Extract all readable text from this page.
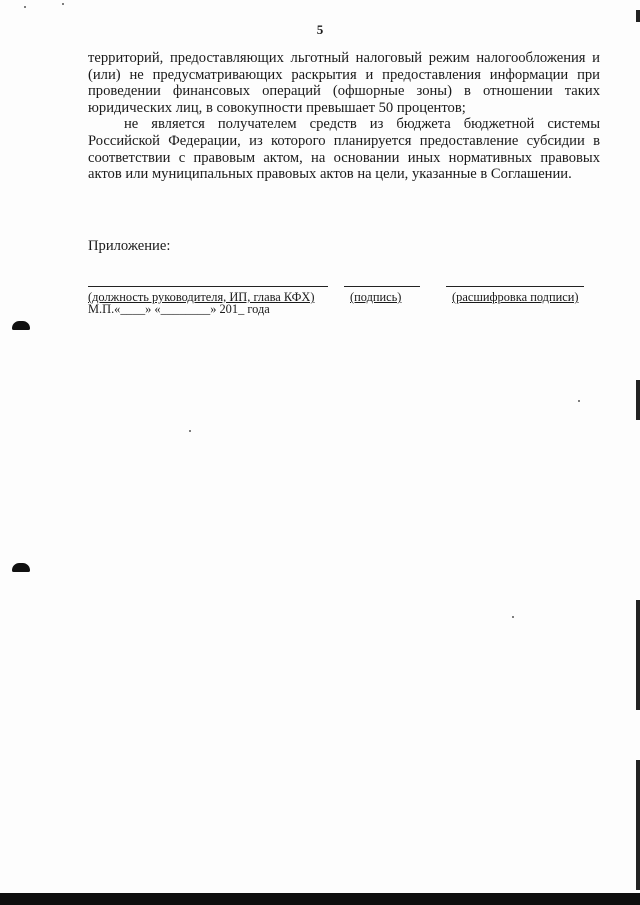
5

территорий, предоставляющих льготный налоговый режим налогообложения и (или) не предусматривающих раскрытия и предоставления информации при проведении финансовых операций (офшорные зоны) в отношении таких юридических лиц, в совокупности превышает 50 процентов;

не является получателем средств из бюджета бюджетной системы Российской Федерации, из которого планируется предоставление субсидии в соответствии с правовым актом, на основании иных нормативных правовых актов или муниципальных правовых актов на цели, указанные в Соглашении.

Приложение:
(должность руководителя, ИП, глава КФХ)	(подпись)	(расшифровка подписи)
М.П.«____» «________» 201_ года
